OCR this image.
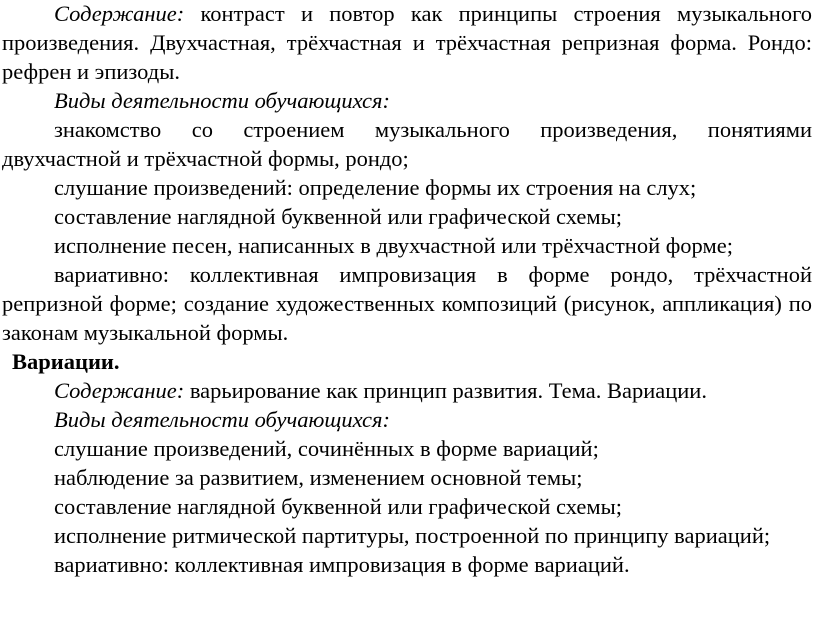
Содержание: контраст и повтор как принципы строения музыкального произведения. Двухчастная, трёхчастная и трёхчастная репризная форма. Рондо: рефрен и эпизоды.

Виды деятельности обучающихся:

знакомство со строением музыкального произведения, понятиями двухчастной и трёхчастной формы, рондо;

слушание произведений: определение формы их строения на слух;

составление наглядной буквенной или графической схемы;

исполнение песен, написанных в двухчастной или трёхчастной форме;

вариативно: коллективная импровизация в форме рондо, трёхчастной репризной форме; создание художественных композиций (рисунок, аппликация) по законам музыкальной формы.

Вариации.

Содержание: варьирование как принцип развития. Тема. Вариации.

Виды деятельности обучающихся:

слушание произведений, сочинённых в форме вариаций;

наблюдение за развитием, изменением основной темы;

составление наглядной буквенной или графической схемы;

исполнение ритмической партитуры, построенной по принципу вариаций;

вариативно: коллективная импровизация в форме вариаций.
